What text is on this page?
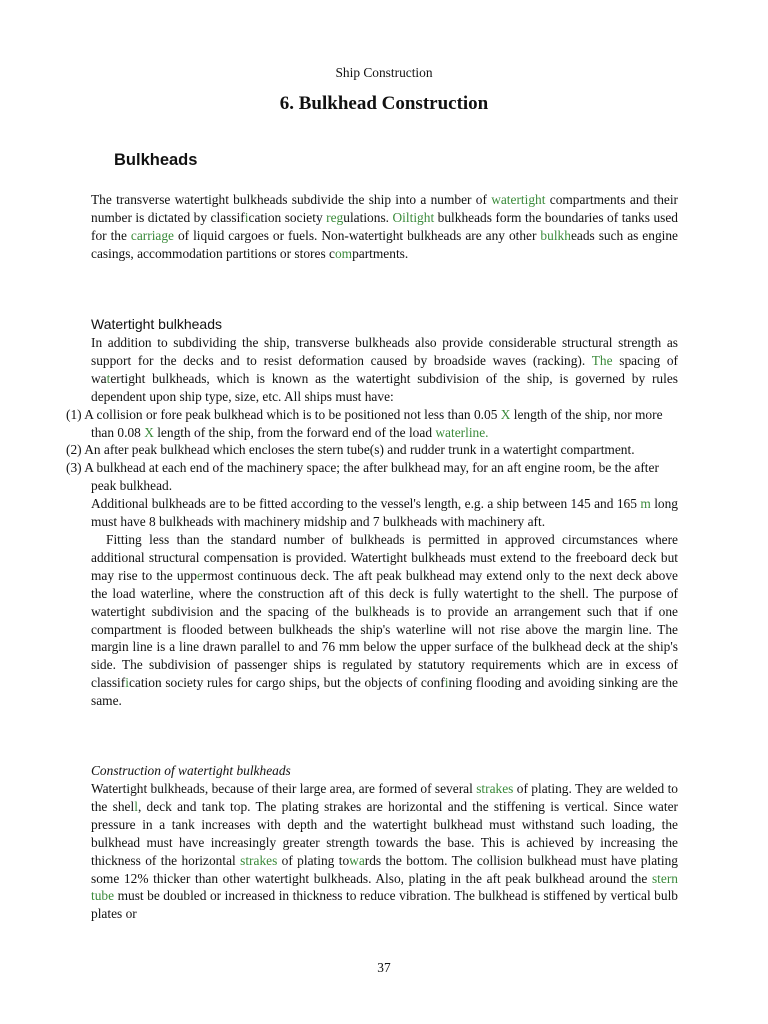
Ship Construction
6. Bulkhead Construction
Bulkheads

The transverse watertight bulkheads subdivide the ship into a number of watertight compartments and their number is dictated by classification society regulations. Oiltight bulkheads form the boundaries of tanks used for the carriage of liquid cargoes or fuels. Non-watertight bulkheads are any other bulkheads such as engine casings, accommodation partitions or stores compartments.

Watertight bulkheads

In addition to subdividing the ship, transverse bulkheads also provide considerable structural strength as support for the decks and to resist deformation caused by broadside waves (racking). The spacing of watertight bulkheads, which is known as the watertight subdivision of the ship, is governed by rules dependent upon ship type, size, etc. All ships must have:

(1) A collision or fore peak bulkhead which is to be positioned not less than 0.05 X length of the ship, nor more than 0.08 X length of the ship, from the forward end of the load waterline.

(2) An after peak bulkhead which encloses the stern tube(s) and rudder trunk in a watertight compartment.

(3) A bulkhead at each end of the machinery space; the after bulkhead may, for an aft engine room, be the after peak bulkhead.

Additional bulkheads are to be fitted according to the vessel's length, e.g. a ship between 145 and 165 m long must have 8 bulkheads with machinery midship and 7 bulkheads with machinery aft.

Fitting less than the standard number of bulkheads is permitted in approved circumstances where additional structural compensation is provided. Watertight bulkheads must extend to the freeboard deck but may rise to the uppermost continuous deck. The aft peak bulkhead may extend only to the next deck above the load waterline, where the construction aft of this deck is fully watertight to the shell. The purpose of watertight subdivision and the spacing of the bulkheads is to provide an arrangement such that if one compartment is flooded between bulkheads the ship's waterline will not rise above the margin line. The margin line is a line drawn parallel to and 76 mm below the upper surface of the bulkhead deck at the ship's side. The subdivision of passenger ships is regulated by statutory requirements which are in excess of classification society rules for cargo ships, but the objects of confining flooding and avoiding sinking are the same.

Construction of watertight bulkheads

Watertight bulkheads, because of their large area, are formed of several strakes of plating. They are welded to the shell, deck and tank top. The plating strakes are horizontal and the stiffening is vertical. Since water pressure in a tank increases with depth and the watertight bulkhead must withstand such loading, the bulkhead must have increasingly greater strength towards the base. This is achieved by increasing the thickness of the horizontal strakes of plating towards the bottom. The collision bulkhead must have plating some 12% thicker than other watertight bulkheads. Also, plating in the aft peak bulkhead around the stern tube must be doubled or increased in thickness to reduce vibration. The bulkhead is stiffened by vertical bulb plates or

37
